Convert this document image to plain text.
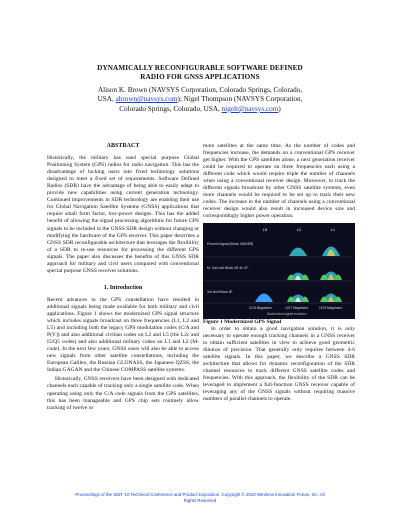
DYNAMICALLY RECONFIGURABLE SOFTWARE DEFINED
RADIO FOR GNSS APPLICATIONS
Alison K. Brown (NAVSYS Corporation, Colorado Springs, Colorado,
USA, abrown@navsys.com); Nigel Thompson (NAVSYS Corporation,
Colorado Springs, Colorado, USA, nigelt@navsys.com)
ABSTRACT

Historically, the military has used special purpose Global Positioning System (GPS) radios for radio navigation. This has the disadvantage of locking users into fixed technology solutions designed to meet a fixed set of requirements. Software Defined Radios (SDR) have the advantage of being able to easily adapt to provide new capabilities using current generation technology. Continued improvements in SDR technology are enabling their use for Global Navigation Satellite Systems (GNSS) applications that require small form factor, low-power designs. This has the added benefit of allowing the signal processing algorithms for future GPS signals to be included in the GNSS SDR design without changing or modifying the hardware of the GPS receiver. This paper describes a GNSS SDR reconfigurable architecture that leverages the flexibility of a SDR to re-use resources for processing the different GPS signals. The paper also discusses the benefits of this GNSS SDR approach for military and civil users compared with conventional special purpose GNSS receiver solutions.

1. Introduction

Recent advances in the GPS constellation have resulted in additional signals being made available for both military and civil applications. Figure 1 shows the modernized GPS signal structure which includes signals broadcast on three frequencies (L1, L2 and L5) and including both the legacy GPS modulation codes (C/A and P(Y)) and also additional civilian codes on L2 and L5 (the L2c and I5/Q5 codes) and also additional military codes on L1 and L2 (M-code). In the next few years, GNSS users will also be able to access new signals from other satellite constellations, including the European Galileo, the Russian GLONASS, the Japanese QZSS, the Indian GAGAN and the Chinese COMPASS satellite systems.

Historically, GNSS receivers have been designed with dedicated channels each capable of tracking only a single satellite code. When operating using only the C/A code signals from the GPS satellites, this has been manageable and GPS chip sets routinely allow tracking of twelve or

more satellites at the same time. As the number of codes and frequencies increase, the demands on a conventional GPS receiver get higher. With the GPS satellites alone, a next generation receiver could be required to operate on three frequencies each using a different code which would require triple the number of channels when using a conventional receiver design. Moreover, to track the different signals broadcast by other GNSS satellite systems, even more channels would be required to be set up to track their new codes. The increase in the number of channels using a conventional receiver design would also result in increased device size and correspondingly higher power operation.

Present signal (Block II/IIA/IIR)
M, 2nd civil Block IIR-M, IIF
3rd civil Block IIF
L5	L2	L1
1176 Megahertz	1227 Megahertz	1575 Megahertz
Modernized signal evolution

Figure 1 Modernized GPS Signal

In order to obtain a good navigation solution, it is only necessary to operate enough tracking channels in a GNSS receiver to obtain sufficient satellites in view to achieve good geometric dilution of precision. That generally only requires between 4-6 satellite signals. In this paper, we describe a GNSS SDR architecture that allows for dynamic reconfiguration of the SDR channel resources to track different GNSS satellite codes and frequencies. With this approach, the flexibility of the SDR can be leveraged to implement a full-function GNSS receiver capable of leveraging any of the GNSS signals without requiring massive numbers of parallel channels to operate.

Proceedings of the SDR '10 Technical Conference and Product Exposition, Copyright © 2010 Wireless Innovation Forum, Inc. All
Rights Reserved
